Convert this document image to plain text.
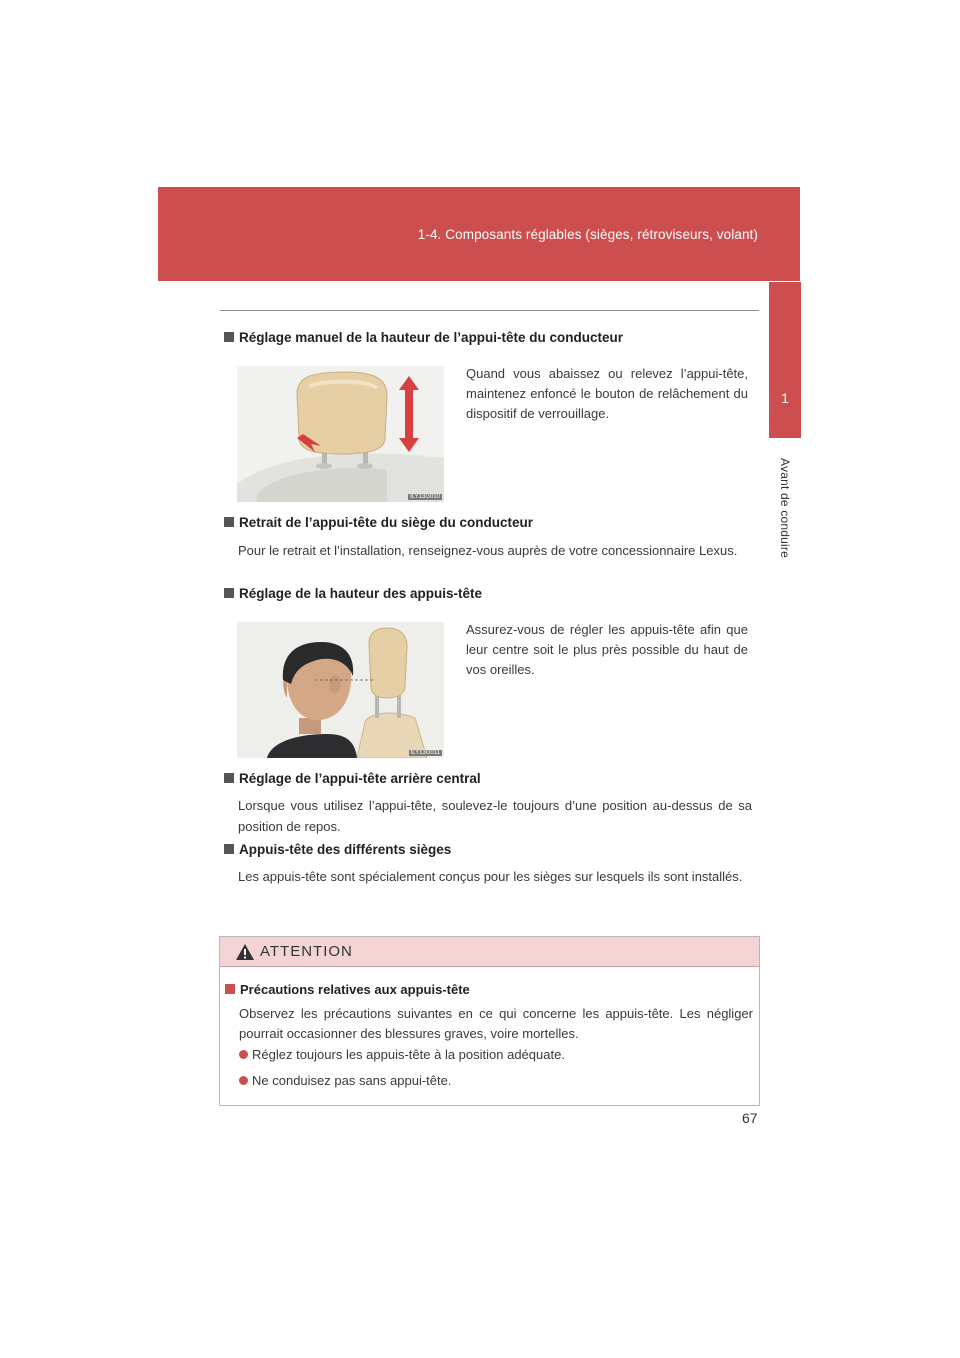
1-4. Composants réglables (sièges, rétroviseurs, volant)
1
Avant de conduire
Réglage manuel de la hauteur de l’appui-tête du conducteur
ILY13G010
Quand vous abaissez ou relevez l’appui-tête, maintenez enfoncé le bouton de relâchement du dispositif de verrouillage.
Retrait de l’appui-tête du siège du conducteur
Pour le retrait et l’installation, renseignez-vous auprès de votre concessionnaire Lexus.
Réglage de la hauteur des appuis-tête
ILY13G011
Assurez-vous de régler les appuis-tête afin que leur centre soit le plus près possible du haut de vos oreilles.
Réglage de l’appui-tête arrière central
Lorsque vous utilisez l’appui-tête, soulevez-le toujours d’une position au-dessus de sa position de repos.
Appuis-tête des différents sièges
Les appuis-tête sont spécialement conçus pour les sièges sur lesquels ils sont installés.
ATTENTION
Précautions relatives aux appuis-tête
Observez les précautions suivantes en ce qui concerne les appuis-tête. Les négliger pourrait occasionner des blessures graves, voire mortelles.
Réglez toujours les appuis-tête à la position adéquate.
Ne conduisez pas sans appui-tête.
67
